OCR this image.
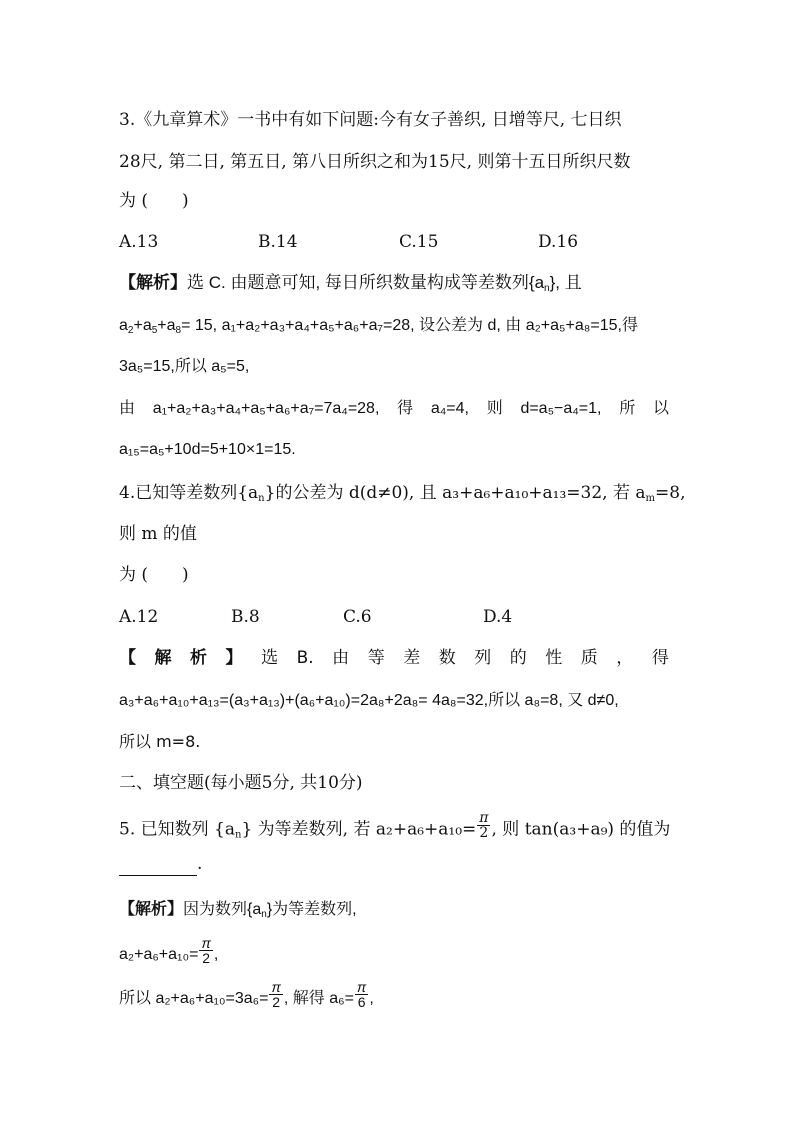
3.《九章算术》一书中有如下问题:今有女子善织, 日增等尺, 七日织
28尺, 第二日, 第五日, 第八日所织之和为15尺, 则第十五日所织尺数
为 (　　)
A.13	B.14	C.15	D.16
【解析】选 C. 由题意可知, 每日所织数量构成等差数列$\{a_n\}$, 且
$a_2+a_5+a_8= 15$, a₁+a₂+a₃+a₄+a₅+a₆+a₇=28, 设公差为 d, 由 a₂+a₅+a₈=15,得
3a₅=15,所以 a₅=5,
由 a₁+a₂+a₃+a₄+a₅+a₆+a₇=7a₄=28, 得 a₄=4, 则 d=a₅−a₄=1, 所 以
a₁₅=a₅+10d=5+10×1=15.
4.已知等差数列$\{a_n\}$的公差为 d(d≠0), 且 a₃+a₆+a₁₀+a₁₃=32, 若 $a_m=8$,
则 m 的值
为 (　　)
A.12	B.8	C.6	D.4
【 解 析 】 选 B. 由 等 差 数 列 的 性 质 ， 得
a₃+a₆+a₁₀+a₁₃=(a₃+a₁₃)+(a₆+a₁₀)=2a₈+2a₈= 4a₈=32,所以 a₈=8, 又 d≠0,
所以 m=8.
二、填空题(每小题5分, 共10分)
5. 已知数列 $\{a_n\}$ 为等差数列, 若 $a_2+a_6+a_{10}= \frac{\pi}{2}$ , 则 tan(a₃+a₉) 的值为
.
【解析】因为数列$\{a_n\}$为等差数列,
$a_2+a_6+a_{10}= \frac{\pi}{2}$ ,
所以 $a_2+a_6+a_{10}=3a_6= \frac{\pi}{2}$ , 解得 $a_6= \frac{\pi}{6}$ ,
